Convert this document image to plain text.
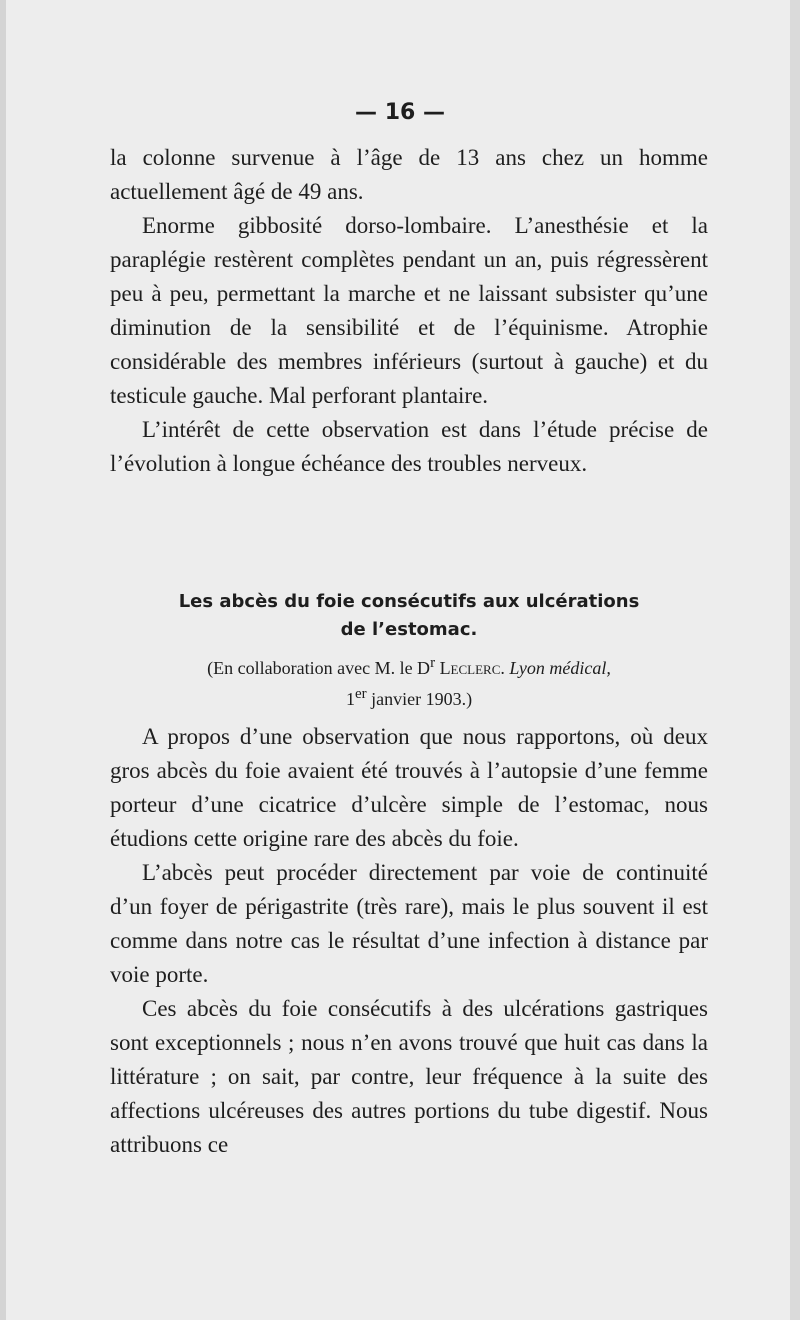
— 16 —

la colonne survenue à l’âge de 13 ans chez un homme actuellement âgé de 49 ans.

Enorme gibbosité dorso-lombaire. L’anesthésie et la paraplégie restèrent complètes pendant un an, puis régressèrent peu à peu, permettant la marche et ne laissant subsister qu’une diminution de la sensibilité et de l’équinisme. Atrophie considérable des membres inférieurs (surtout à gauche) et du testicule gauche. Mal perforant plantaire.

L’intérêt de cette observation est dans l’étude précise de l’évolution à longue échéance des troubles nerveux.

Les abcès du foie consécutifs aux ulcérations
de l’estomac.
(En collaboration avec M. le $D^r$ Leclerc. Lyon médical,
1er janvier 1903.)

A propos d’une observation que nous rapportons, où deux gros abcès du foie avaient été trouvés à l’autopsie d’une femme porteur d’une cicatrice d’ulcère simple de l’estomac, nous étudions cette origine rare des abcès du foie.

L’abcès peut procéder directement par voie de continuité d’un foyer de périgastrite (très rare), mais le plus souvent il est comme dans notre cas le résultat d’une infection à distance par voie porte.

Ces abcès du foie consécutifs à des ulcérations gastriques sont exceptionnels ; nous n’en avons trouvé que huit cas dans la littérature ; on sait, par contre, leur fréquence à la suite des affections ulcéreuses des autres portions du tube digestif. Nous attribuons ce
